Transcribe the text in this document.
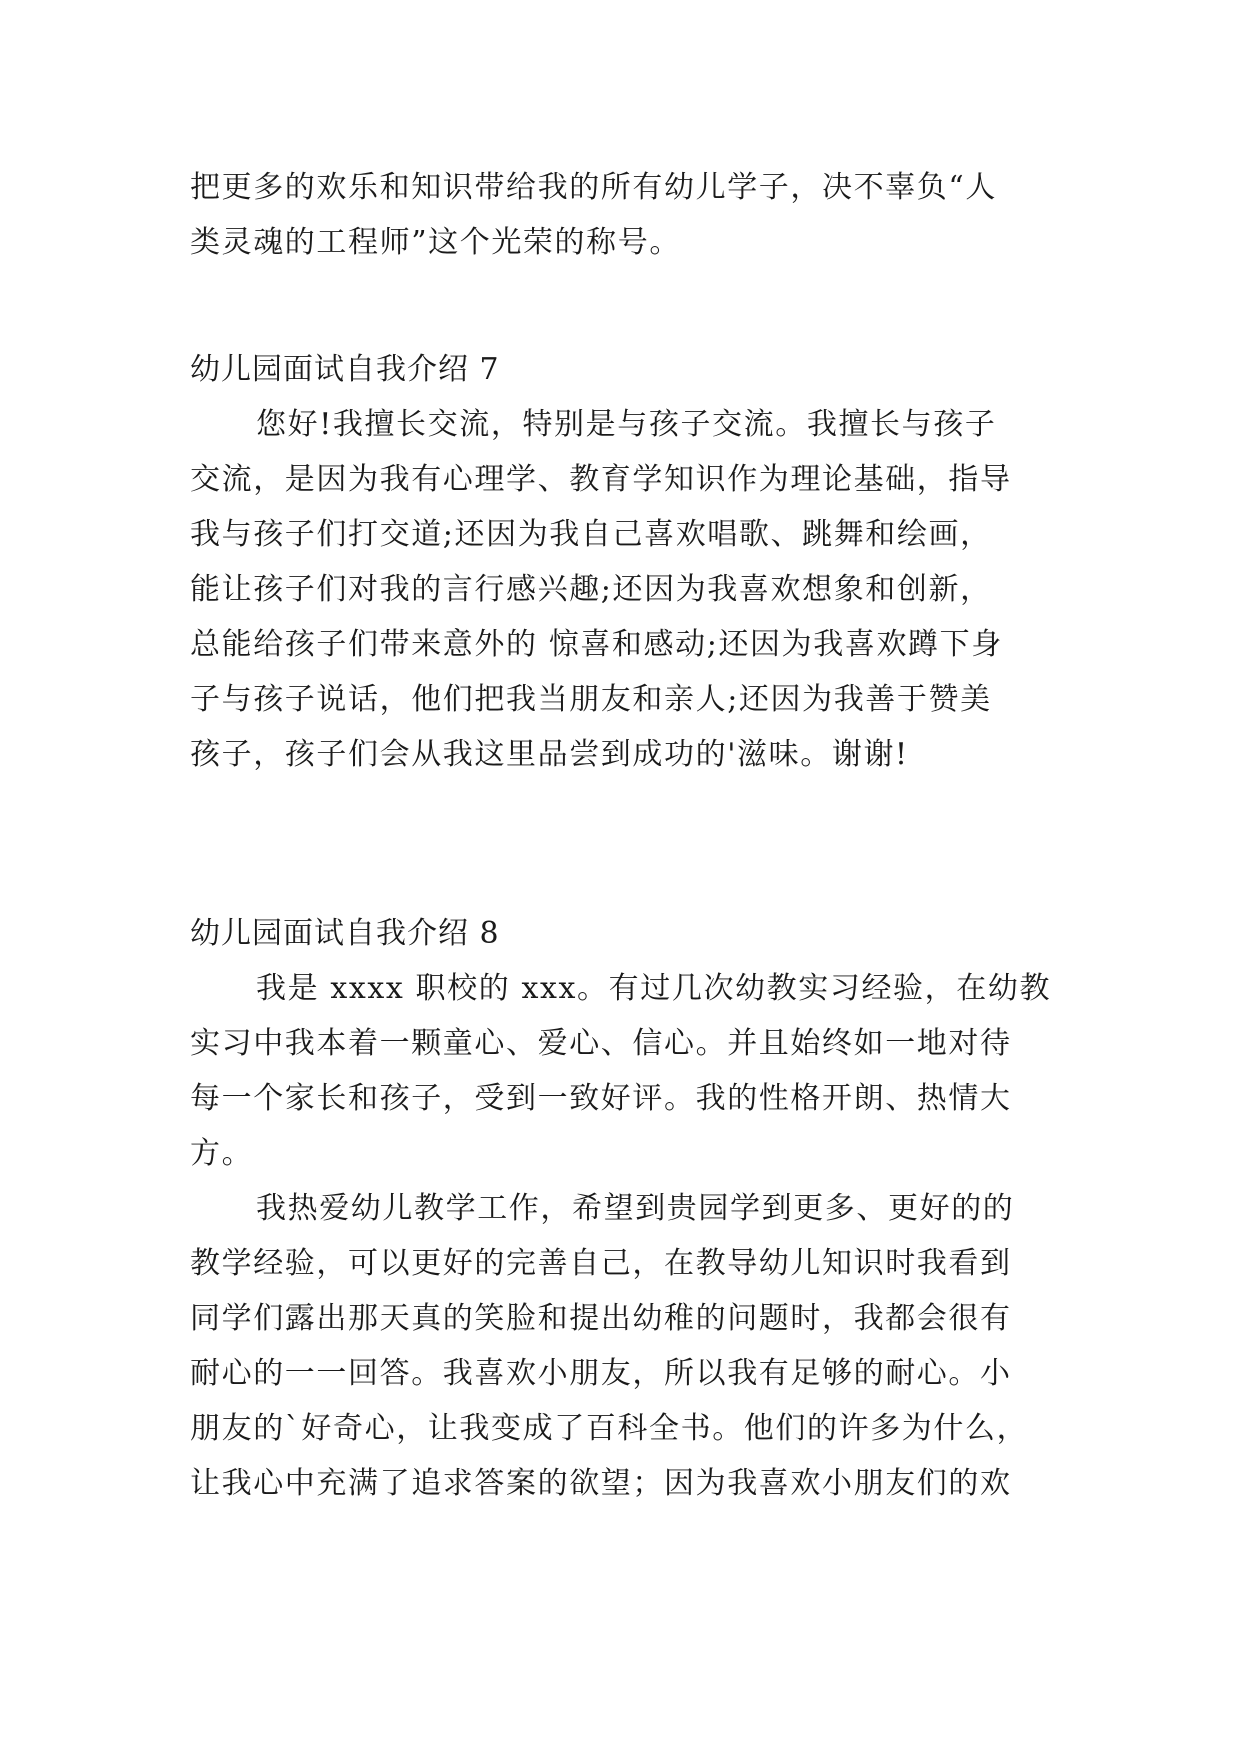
把更多的欢乐和知识带给我的所有幼儿学子，决不辜负“人
类灵魂的工程师”这个光荣的称号。
幼儿园面试自我介绍 7
您好!我擅长交流，特别是与孩子交流。我擅长与孩子
交流，是因为我有心理学、教育学知识作为理论基础，指导
我与孩子们打交道;还因为我自己喜欢唱歌、跳舞和绘画，
能让孩子们对我的言行感兴趣;还因为我喜欢想象和创新，
总能给孩子们带来意外的 惊喜和感动;还因为我喜欢蹲下身
子与孩子说话，他们把我当朋友和亲人;还因为我善于赞美
孩子，孩子们会从我这里品尝到成功的'滋味。谢谢!
幼儿园面试自我介绍 8
我是 xxxx 职校的 xxx。有过几次幼教实习经验，在幼教
实习中我本着一颗童心、爱心、信心。并且始终如一地对待
每一个家长和孩子，受到一致好评。我的性格开朗、热情大
方。
我热爱幼儿教学工作，希望到贵园学到更多、更好的的
教学经验，可以更好的完善自己，在教导幼儿知识时我看到
同学们露出那天真的笑脸和提出幼稚的问题时，我都会很有
耐心的一一回答。我喜欢小朋友，所以我有足够的耐心。小
朋友的`好奇心，让我变成了百科全书。他们的许多为什么，
让我心中充满了追求答案的欲望；因为我喜欢小朋友们的欢
